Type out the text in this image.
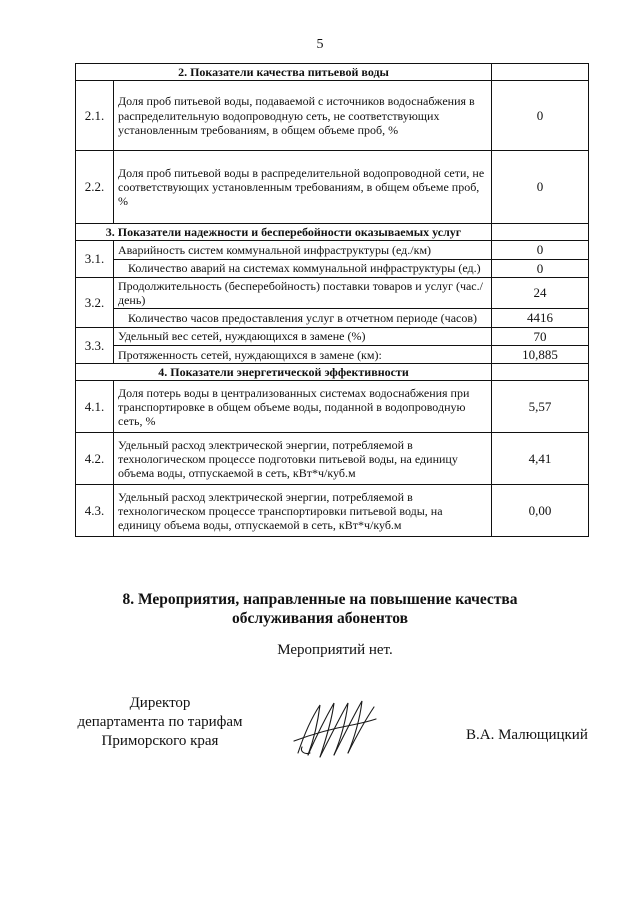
5
2. Показатели качества питьевой воды		
2.1.	Доля проб питьевой воды, подаваемой с источников водоснабжения в распределительную водопроводную сеть, не соответствующих установленным требованиям, в общем объеме проб, %	0
2.2.	Доля проб питьевой воды в распределительной водопроводной сети, не соответствующих установленным требованиям, в общем объеме проб, %	0
3. Показатели надежности и бесперебойности оказываемых услуг		
3.1.	Аварийность систем коммунальной инфраструктуры (ед./км)	0
	Количество аварий на системах коммунальной инфраструктуры (ед.)	0
3.2.	Продолжительность (бесперебойность) поставки товаров и услуг (час./день)	24
	Количество часов предоставления услуг в отчетном периоде (часов)	4416
3.3.	Удельный вес сетей, нуждающихся в замене (%)	70
	Протяженность сетей, нуждающихся в замене (км):	10,885
4. Показатели энергетической эффективности		
4.1.	Доля потерь воды в централизованных системах водоснабжения при транспортировке в общем объеме воды, поданной в водопроводную сеть, %	5,57
4.2.	Удельный расход электрической энергии, потребляемой в технологическом процессе подготовки питьевой воды, на единицу объема воды, отпускаемой в сеть, кВт*ч/куб.м	4,41
4.3.	Удельный расход электрической энергии, потребляемой в технологическом процессе транспортировки питьевой воды, на единицу объема воды, отпускаемой в сеть, кВт*ч/куб.м	0,00
8. Мероприятия, направленные на повышение качества
обслуживания абонентов
Мероприятий нет.
Директор
департамента по тарифам
Приморского края	В.А. Малющицкий
